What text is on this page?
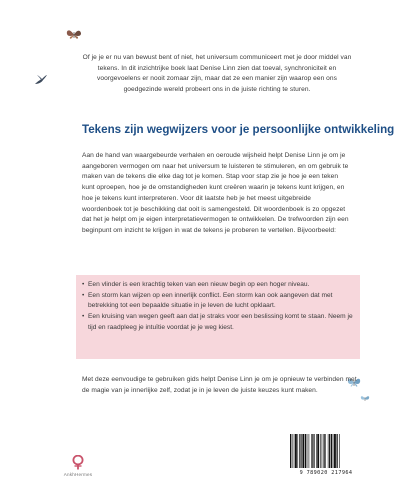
Of je je er nu van bewust bent of niet, het universum communiceert met je door middel van tekens. In dit inzichtrijke boek laat Denise Linn zien dat toeval, synchroniciteit en voorgevoelens er nooit zomaar zijn, maar dat ze een manier zijn waarop een ons goedgezinde wereld probeert ons in de juiste richting te sturen.

Tekens zijn wegwijzers voor je persoonlijke ontwikkeling

Aan de hand van waargebeurde verhalen en oeroude wijsheid helpt Denise Linn je om je aangeboren vermogen om naar het universum te luisteren te stimuleren, en om gebruik te maken van de tekens die elke dag tot je komen. Stap voor stap zie je hoe je een teken kunt oproepen, hoe je de omstandigheden kunt creëren waarin je tekens kunt krijgen, en hoe je tekens kunt interpreteren. Voor dit laatste heb je het meest uitgebreide woordenboek tot je beschikking dat ooit is samengesteld. Dit woordenboek is zo opgezet dat het je helpt om je eigen interpretatievermogen te ontwikkelen. De trefwoorden zijn een beginpunt om inzicht te krijgen in wat de tekens je proberen te vertellen. Bijvoorbeeld:

• Een vlinder is een krachtig teken van een nieuw begin op een hoger niveau.
• Een storm kan wijzen op een innerlijk conflict. Een storm kan ook aangeven dat met betrekking tot een bepaalde situatie in je leven de lucht opklaart.
• Een kruising van wegen geeft aan dat je straks voor een beslissing komt te staan. Neem je tijd en raadpleeg je intuïtie voordat je je weg kiest.

Met deze eenvoudige te gebruiken gids helpt Denise Linn je om je opnieuw te verbinden met de magie van je innerlijke zelf, zodat je in je leven de juiste keuzes kunt maken.

AnkhHermes	9 789020 217964
